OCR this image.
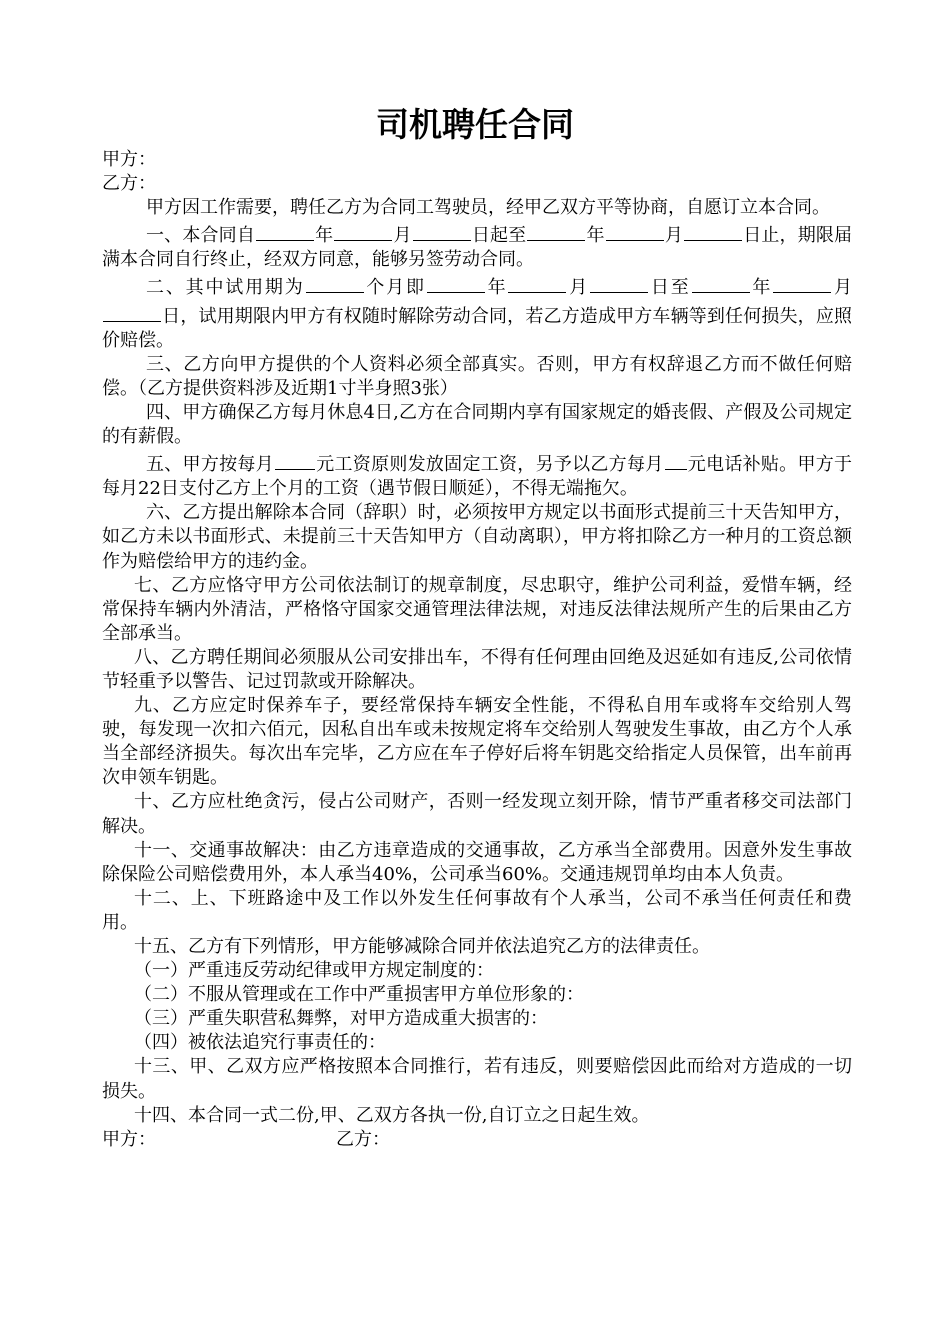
司机聘任合同

甲方：

乙方：

甲方因工作需要，聘任乙方为合同工驾驶员，经甲乙双方平等协商，自愿订立本合同。

一、本合同自	年	月	日起至	年	月	日止，期限届满本合同自行终止，经双方同意，能够另签劳动合同。

二、其中试用期为	个月即	年	月	日至	年	月日，试用期限内甲方有权随时解除劳动合同，若乙方造成甲方车辆等到任何损失，应照价赔偿。

三、乙方向甲方提供的个人资料必须全部真实。否则，甲方有权辞退乙方而不做任何赔偿。（乙方提供资料涉及近期1寸半身照3张）

四、甲方确保乙方每月休息4日,乙方在合同期内享有国家规定的婚丧假、产假及公司规定的有薪假。

五、甲方按每月 元工资原则发放固定工资，另予以乙方每月 元电话补贴。甲方于每月22日支付乙方上个月的工资（遇节假日顺延），不得无端拖欠。

六、乙方提出解除本合同（辞职）时，必须按甲方规定以书面形式提前三十天告知甲方，如乙方未以书面形式、未提前三十天告知甲方（自动离职），甲方将扣除乙方一种月的工资总额作为赔偿给甲方的违约金。

七、乙方应恪守甲方公司依法制订的规章制度，尽忠职守，维护公司利益，爱惜车辆，经常保持车辆内外清洁，严格恪守国家交通管理法律法规，对违反法律法规所产生的后果由乙方全部承当。

八、乙方聘任期间必须服从公司安排出车，不得有任何理由回绝及迟延如有违反,公司依情节轻重予以警告、记过罚款或开除解决。

九、乙方应定时保养车子，要经常保持车辆安全性能，不得私自用车或将车交给别人驾驶，每发现一次扣六佰元，因私自出车或未按规定将车交给别人驾驶发生事故，由乙方个人承当全部经济损失。每次出车完毕，乙方应在车子停好后将车钥匙交给指定人员保管，出车前再次申领车钥匙。

十、乙方应杜绝贪污，侵占公司财产，否则一经发现立刻开除，情节严重者移交司法部门解决。

十一、交通事故解决：由乙方违章造成的交通事故，乙方承当全部费用。因意外发生事故除保险公司赔偿费用外，本人承当40%，公司承当60%。交通违规罚单均由本人负责。

十二、上、下班路途中及工作以外发生任何事故有个人承当，公司不承当任何责任和费用。

十五、乙方有下列情形，甲方能够减除合同并依法追究乙方的法律责任。

（一）严重违反劳动纪律或甲方规定制度的：

（二）不服从管理或在工作中严重损害甲方单位形象的：

（三）严重失职营私舞弊，对甲方造成重大损害的：

（四）被依法追究行事责任的：

十三、甲、乙双方应严格按照本合同推行，若有违反，则要赔偿因此而给对方造成的一切损失。

十四、本合同一式二份,甲、乙双方各执一份,自订立之日起生效。

甲方：	乙方：
